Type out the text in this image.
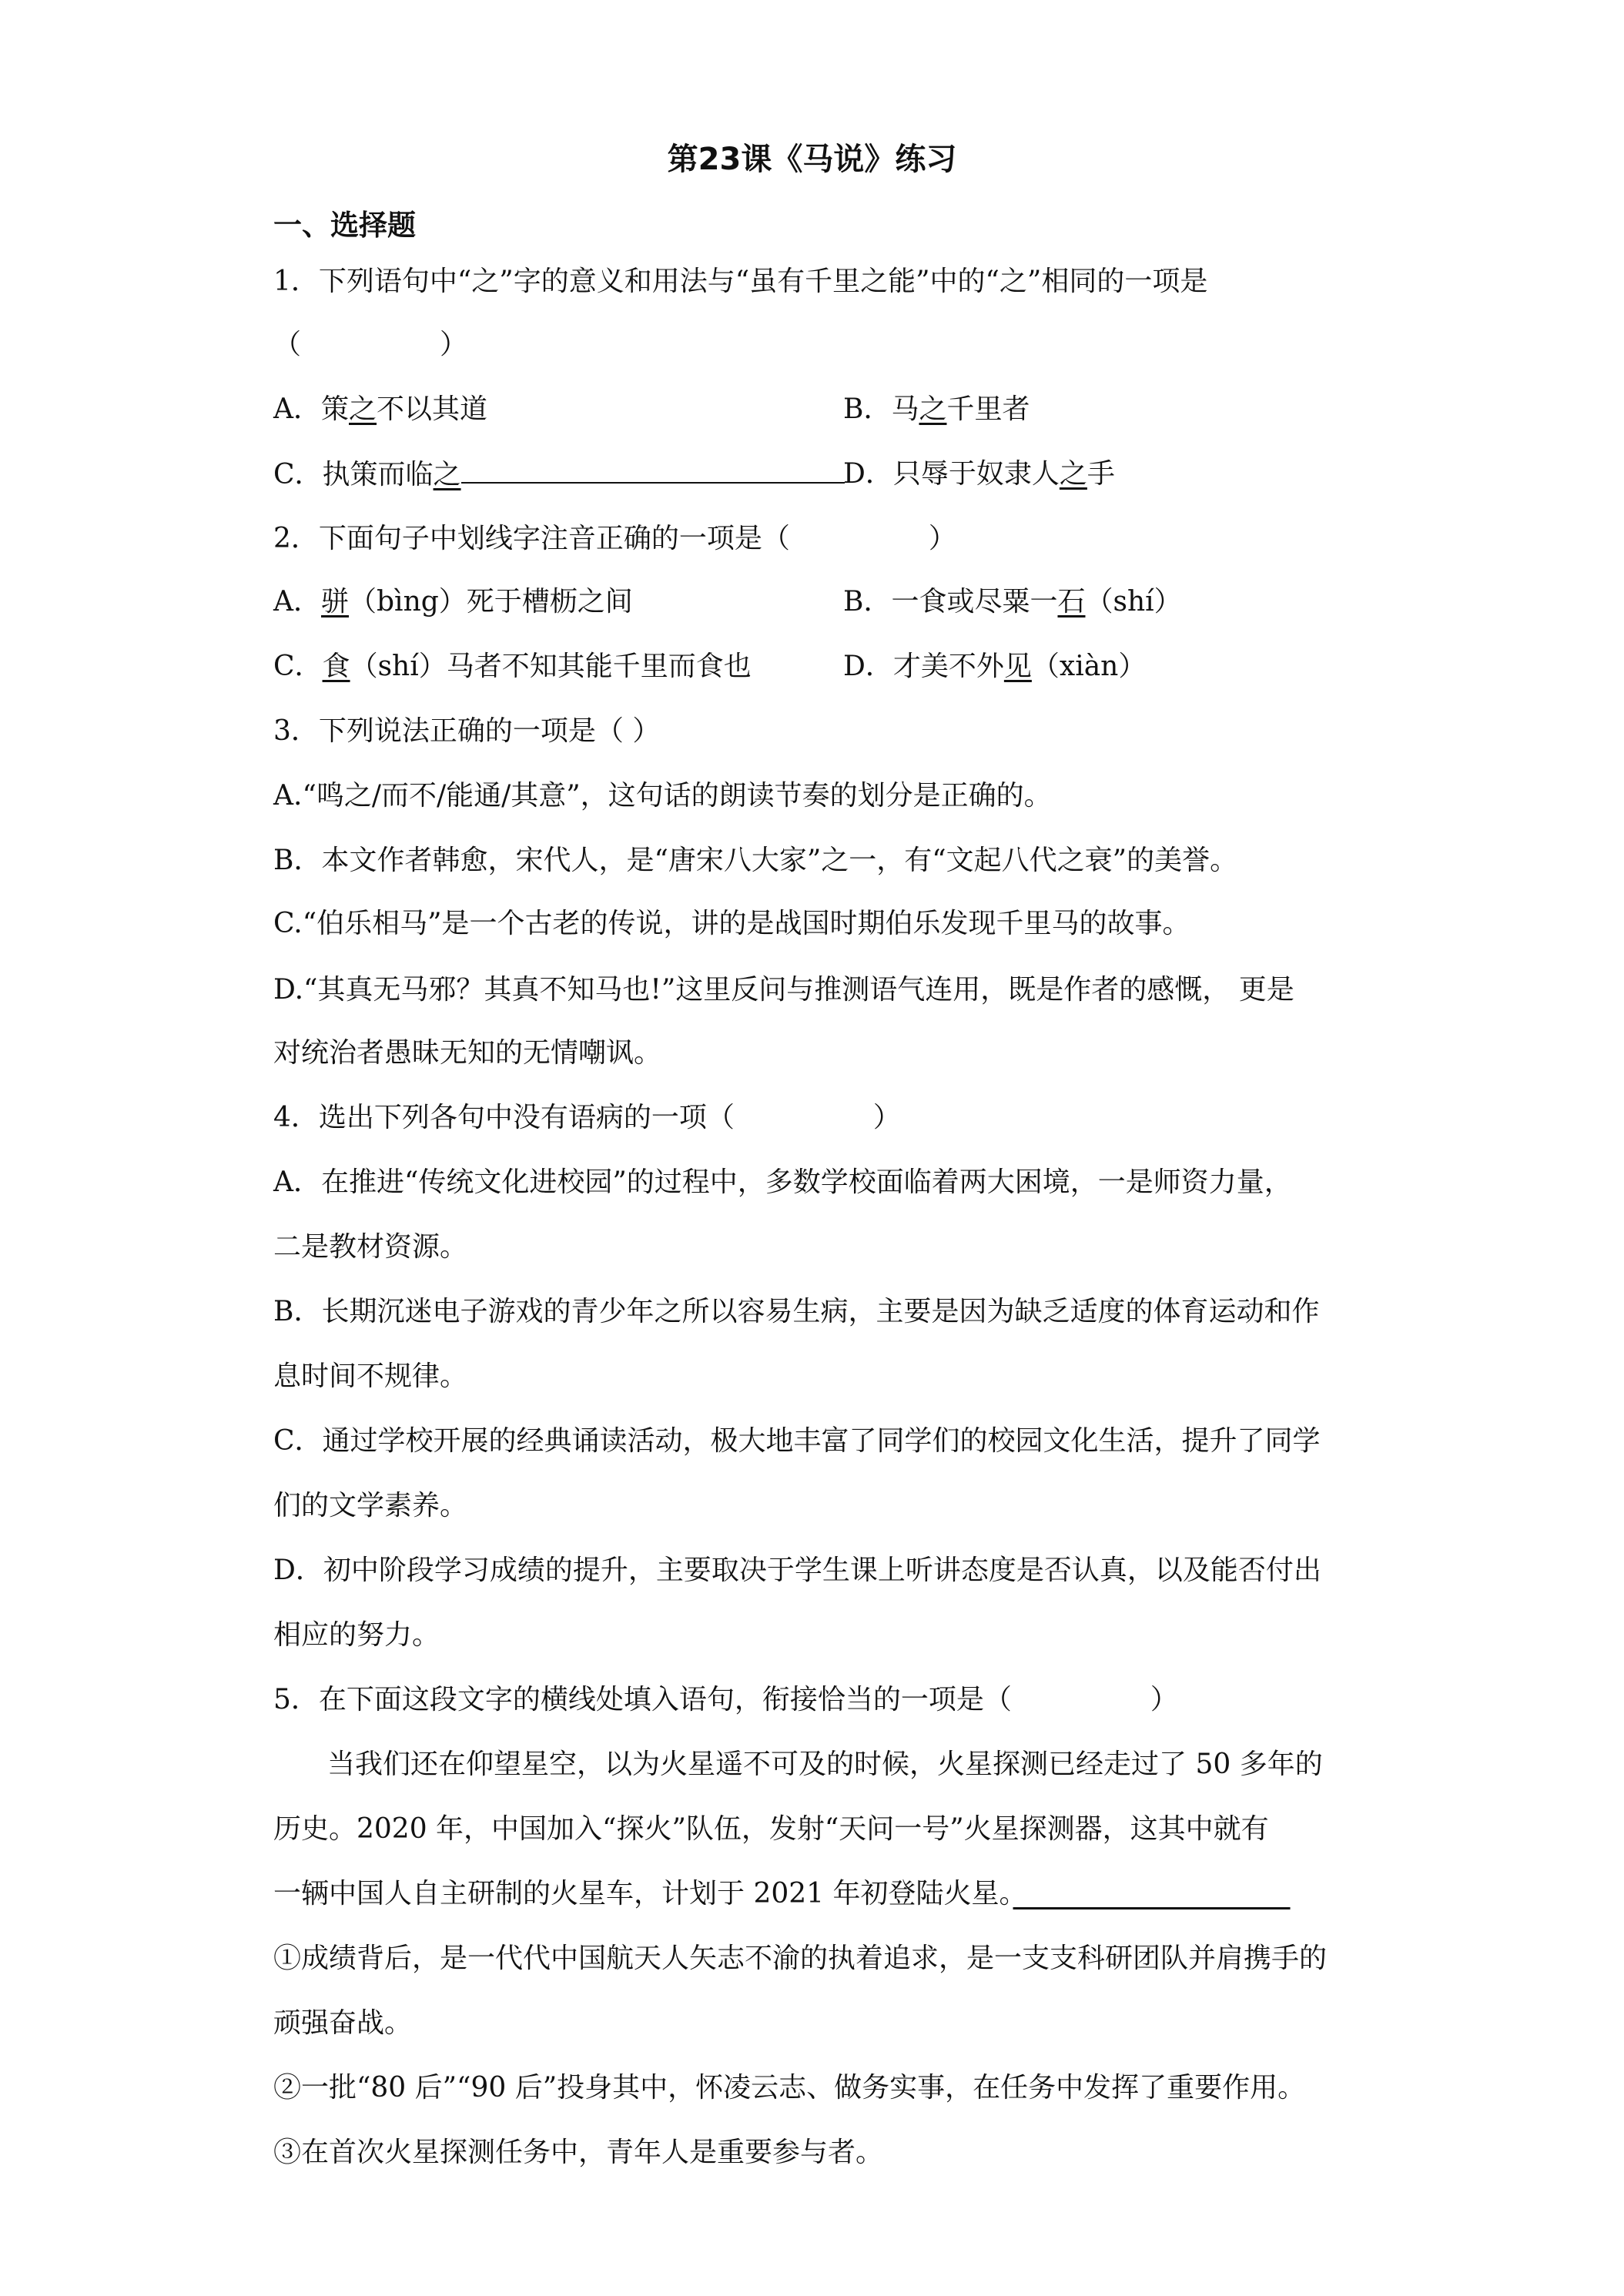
第23课《马说》练习
一、选择题
1．下列语句中“之”字的意义和用法与“虽有千里之能”中的“之”相同的一项是
（　　　　　）
A．策之不以其道	B．马之千里者
C．执策而临之	D．只辱于奴隶人之手
2．下面句子中划线字注音正确的一项是（　　　　　）
A．骈（bìng）死于槽枥之间	B．一食或尽粟一石（shí）
C．食（shí）马者不知其能千里而食也	D．才美不外见（xiàn）
3．下列说法正确的一项是（ ）
A.“鸣之/而不/能通/其意”，这句话的朗读节奏的划分是正确的。
B．本文作者韩愈，宋代人，是“唐宋八大家”之一，有“文起八代之衰”的美誉。
C.“伯乐相马”是一个古老的传说，讲的是战国时期伯乐发现千里马的故事。
D.“其真无马邪？其真不知马也!”这里反问与推测语气连用，既是作者的感慨， 更是
对统治者愚昧无知的无情嘲讽。
4．选出下列各句中没有语病的一项（　　　　　）
A．在推进“传统文化进校园”的过程中，多数学校面临着两大困境，一是师资力量，
二是教材资源。
B．长期沉迷电子游戏的青少年之所以容易生病，主要是因为缺乏适度的体育运动和作
息时间不规律。
C．通过学校开展的经典诵读活动，极大地丰富了同学们的校园文化生活，提升了同学
们的文学素养。
D．初中阶段学习成绩的提升，主要取决于学生课上听讲态度是否认真，以及能否付出
相应的努力。
5．在下面这段文字的横线处填入语句，衔接恰当的一项是（　　　　　）
当我们还在仰望星空，以为火星遥不可及的时候，火星探测已经走过了 50 多年的
历史。2020 年，中国加入“探火”队伍，发射“天问一号”火星探测器，这其中就有
一辆中国人自主研制的火星车，计划于 2021 年初登陆火星。　　　　　　　　　　
①成绩背后，是一代代中国航天人矢志不渝的执着追求，是一支支科研团队并肩携手的
顽强奋战。
②一批“80 后”“90 后”投身其中，怀凌云志、做务实事，在任务中发挥了重要作用。
③在首次火星探测任务中，青年人是重要参与者。
